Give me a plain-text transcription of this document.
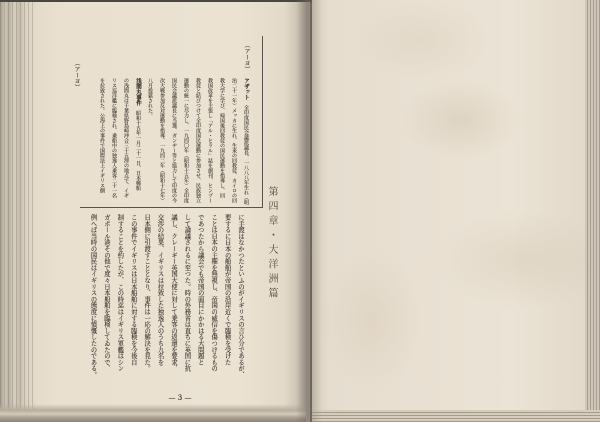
（アーヨ）
（アーヨ）	アザット　全印度国民会議派議長、一八八八年生れ（明

治二十一年）メッカに生れ、生来の回教徒、カイロの回

教大学に学び、帰国後回教徒の国民運動を指導し、回

教国改革を主張し「アル・ヒラル」誌を創刊、ヒンヅー

教徒と結びつけて全印度国民運動に参加させ、民族独立

運動の統一に尽力し、一九四〇年（昭和十五年）全印度

国民会議派議長に当選、ガンヂー等と協力して印度の今

次大戦参加反対運動を指導、一九四二年（昭和十七年）

八月投獄された。

浅間丸事件　昭和十五年一月二十一日、日本郵船

の浅間丸は千葉県野島崎沖合三十五浬の地点で、イギ

リス巡洋艦に臨検され、乗船中の独逸人乗客二十一名

を拉致された。公海上の事件で国際法上イギリス側

第四章・大洋洲篇

に手渡はなかつたといふのがイギリスの言ひ分であるが、

要するに日本の船舶が帝国の沿岸近くで臨検を受けた

ことは日本の主権を無視し、帝国の威信を傷つけるもの

であつたから議会でも帝国の面目にかかはる大問題と

して論議されるに至つた。時の外務省は直ちに英国に抗

議し、クレーギー英国大使に対して乗客の返還を要求、

交渉の結果、イギリスは拉致した独逸人のうち九名を

日本側に引渡すこととなり、事件は一応の解決を見た。

この事件でイギリスは日本船舶に対する臨検を今後自

制することを約したが、この時迄はイギリス軍艦はシン

ガポール港その他で度々日本船舶を臨検してゐたので、

例へば当時の国民はイギリスの態度に憤慨したのである。

— 3 —
